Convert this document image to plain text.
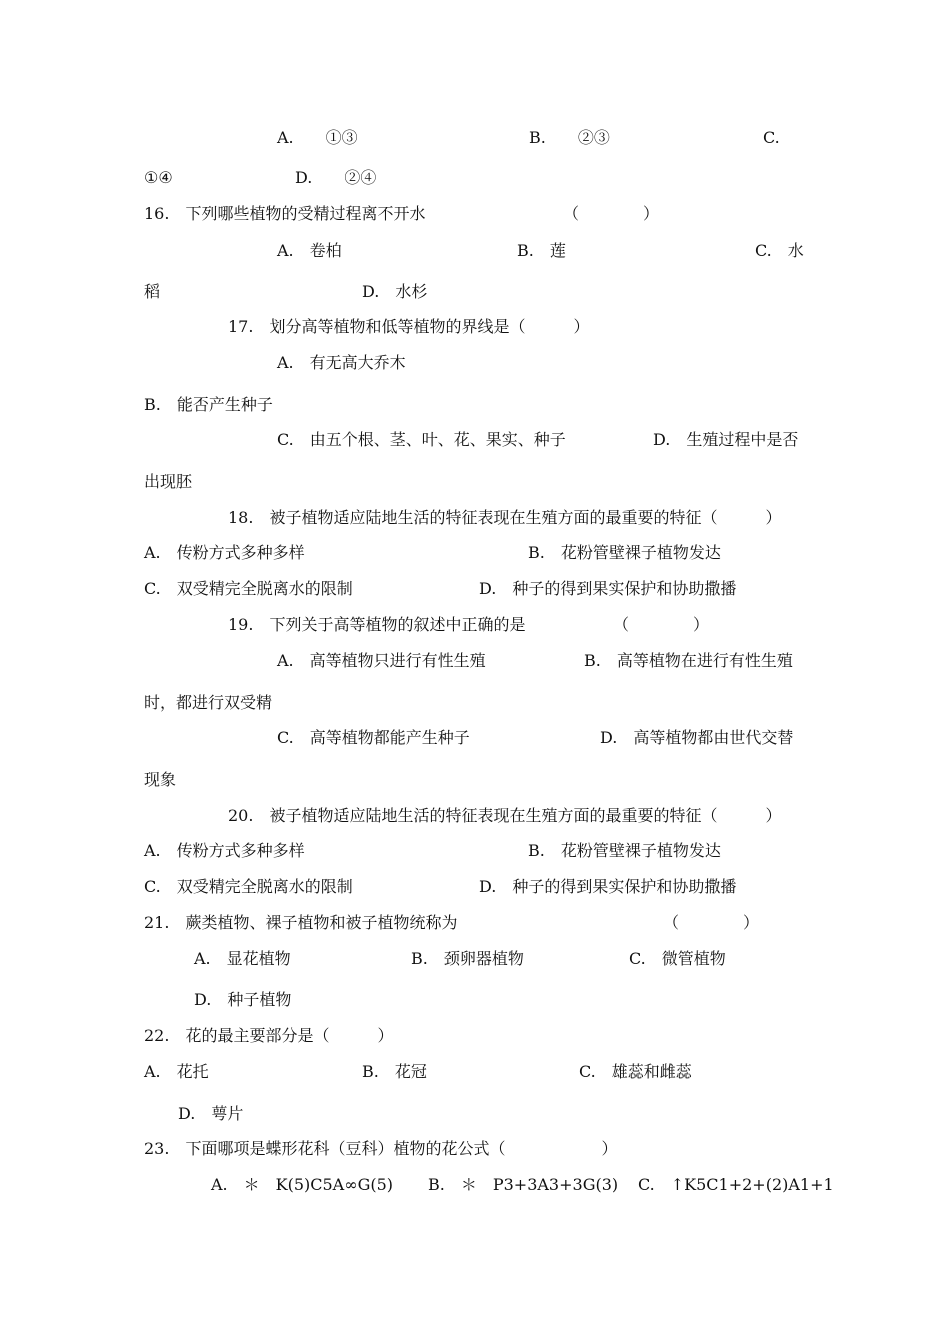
A.　　①③	B.　　②③	C.
①④	D.　　②④
16.　下列哪些植物的受精过程离不开水	（　　　　）
A.　卷柏	B.　莲	C.　水
稻	D.　水杉
17.　划分高等植物和低等植物的界线是（　　　）
A.　有无高大乔木
B.　能否产生种子
C.　由五个根、茎、叶、花、果实、种子	D.　生殖过程中是否
出现胚
18.　被子植物适应陆地生活的特征表现在生殖方面的最重要的特征（　　　）
A.　传粉方式多种多样	B.　花粉管壁裸子植物发达
C.　双受精完全脱离水的限制	D.　种子的得到果实保护和协助撒播
19.　下列关于高等植物的叙述中正确的是	（　　　　）
A.　高等植物只进行有性生殖	B.　高等植物在进行有性生殖
时，都进行双受精
C.　高等植物都能产生种子	D.　高等植物都由世代交替
现象
20.　被子植物适应陆地生活的特征表现在生殖方面的最重要的特征（　　　）
A.　传粉方式多种多样	B.　花粉管壁裸子植物发达
C.　双受精完全脱离水的限制	D.　种子的得到果实保护和协助撒播
21.　蕨类植物、裸子植物和被子植物统称为	（　　　　）
A.　显花植物	B.　颈卵器植物	C.　微管植物
D.　种子植物
22.　花的最主要部分是（　　　）
A.　花托	B.　花冠	C.　雄蕊和雌蕊
D.　萼片
23.　下面哪项是蝶形花科（豆科）植物的花公式（　　　　　　）
A.　＊　K(5)C5A∞G(5) B.　＊　P3+3A3+3G(3) C.　↑K5C1+2+(2)A1+1
